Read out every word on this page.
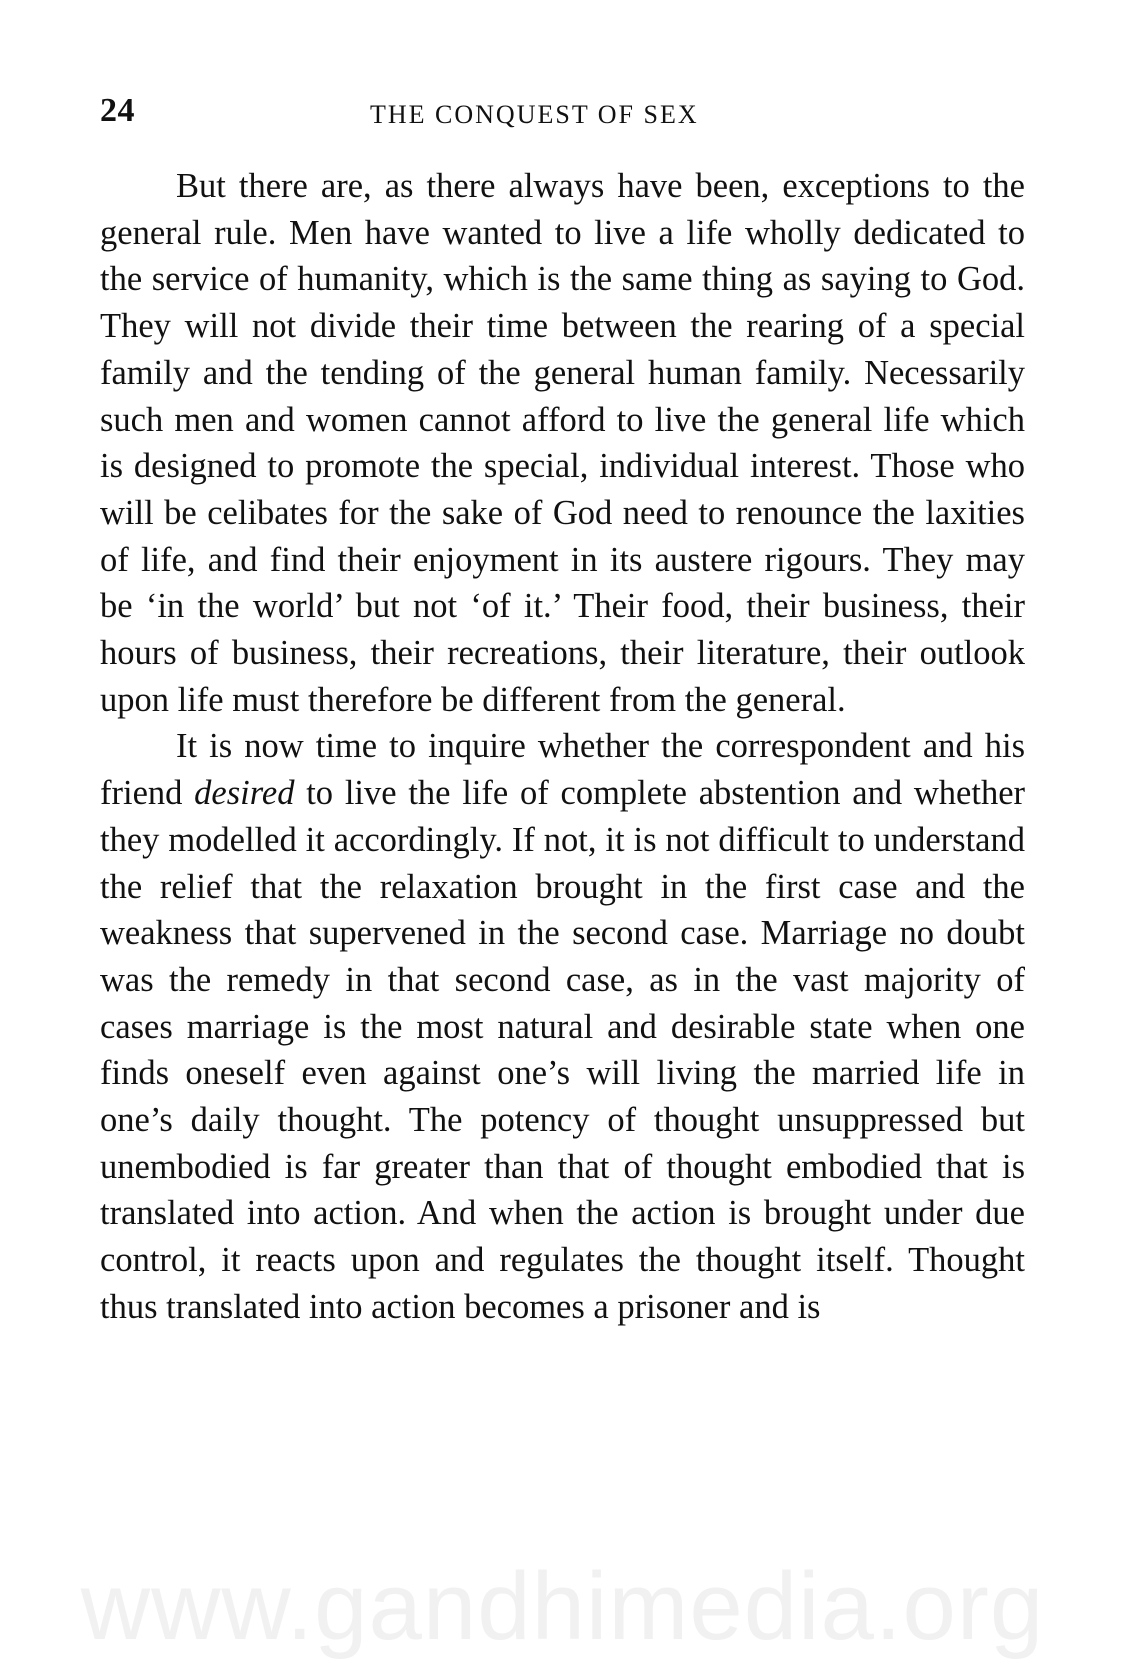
24	THE CONQUEST OF SEX

But there are, as there always have been, exceptions to the general rule. Men have wanted to live a life wholly dedicated to the service of humanity, which is the same thing as saying to God. They will not divide their time between the rearing of a special family and the tending of the general human family. Necessarily such men and women cannot afford to live the general life which is designed to promote the special, individual interest. Those who will be celibates for the sake of God need to renounce the laxities of life, and find their enjoyment in its austere rigours. They may be ‘in the world’ but not ‘of it.’ Their food, their business, their hours of business, their recreations, their literature, their outlook upon life must therefore be different from the general.

It is now time to inquire whether the correspondent and his friend desired to live the life of complete abstention and whether they modelled it accordingly. If not, it is not difficult to understand the relief that the relaxation brought in the first case and the weakness that supervened in the second case. Marriage no doubt was the remedy in that second case, as in the vast majority of cases marriage is the most natural and desirable state when one finds oneself even against one’s will living the married life in one’s daily thought. The potency of thought unsuppressed but unembodied is far greater than that of thought embodied that is translated into action. And when the action is brought under due control, it reacts upon and regulates the thought itself. Thought thus translated into action becomes a prisoner and is

www.gandhimedia.org
